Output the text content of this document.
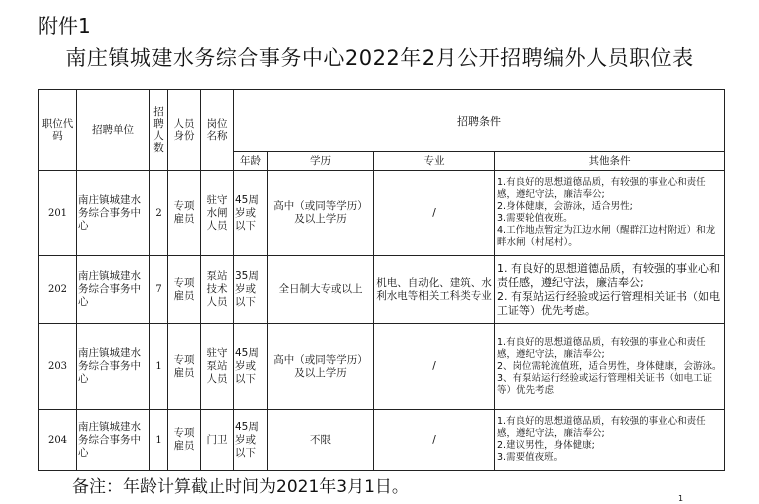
附件1
南庄镇城建水务综合事务中心2022年2月公开招聘编外人员职位表
职位代码	招聘单位	招聘人数	人员身份	岗位名称	招聘条件			
					年龄	学历	专业	其他条件
201	南庄镇城建水务综合事务中心	2	专项雇员	驻守水闸人员	45周岁或以下	高中（或同等学历）及以上学历	/	1.有良好的思想道德品质，有较强的事业心和责任感，遵纪守法，廉洁奉公;
2.身体健康，会游泳，适合男性;
3.需要轮值夜班。
4.工作地点暂定为江边水闸（醒群江边村附近）和龙畔水闸（村尾村）。

202	南庄镇城建水务综合事务中心	7	专项雇员	泵站技术人员	35周岁或以下	全日制大专或以上	机电、自动化、建筑、水利水电等相关工科类专业	1. 有良好的思想道德品质，有较强的事业心和责任感，遵纪守法，廉洁奉公;
2. 有泵站运行经验或运行管理相关证书（如电工证等）优先考虑。

203	南庄镇城建水务综合事务中心	1	专项雇员	驻守泵站人员	45周岁或以下	高中（或同等学历）及以上学历	/	1.有良好的思想道德品质，有较强的事业心和责任感，遵纪守法，廉洁奉公;
2、岗位需轮流值班，适合男性，身体健康，会游泳。
3、有泵站运行经验或运行管理相关证书（如电工证等）优先考虑

204	南庄镇城建水务综合事务中心	1	专项雇员	门卫	45周岁或以下	不限	/	1.有良好的思想道德品质，有较强的事业心和责任感，遵纪守法，廉洁奉公;
2.建议男性，身体健康;
3.需要值夜班。
备注：年龄计算截止时间为2021年3月1日。
1
